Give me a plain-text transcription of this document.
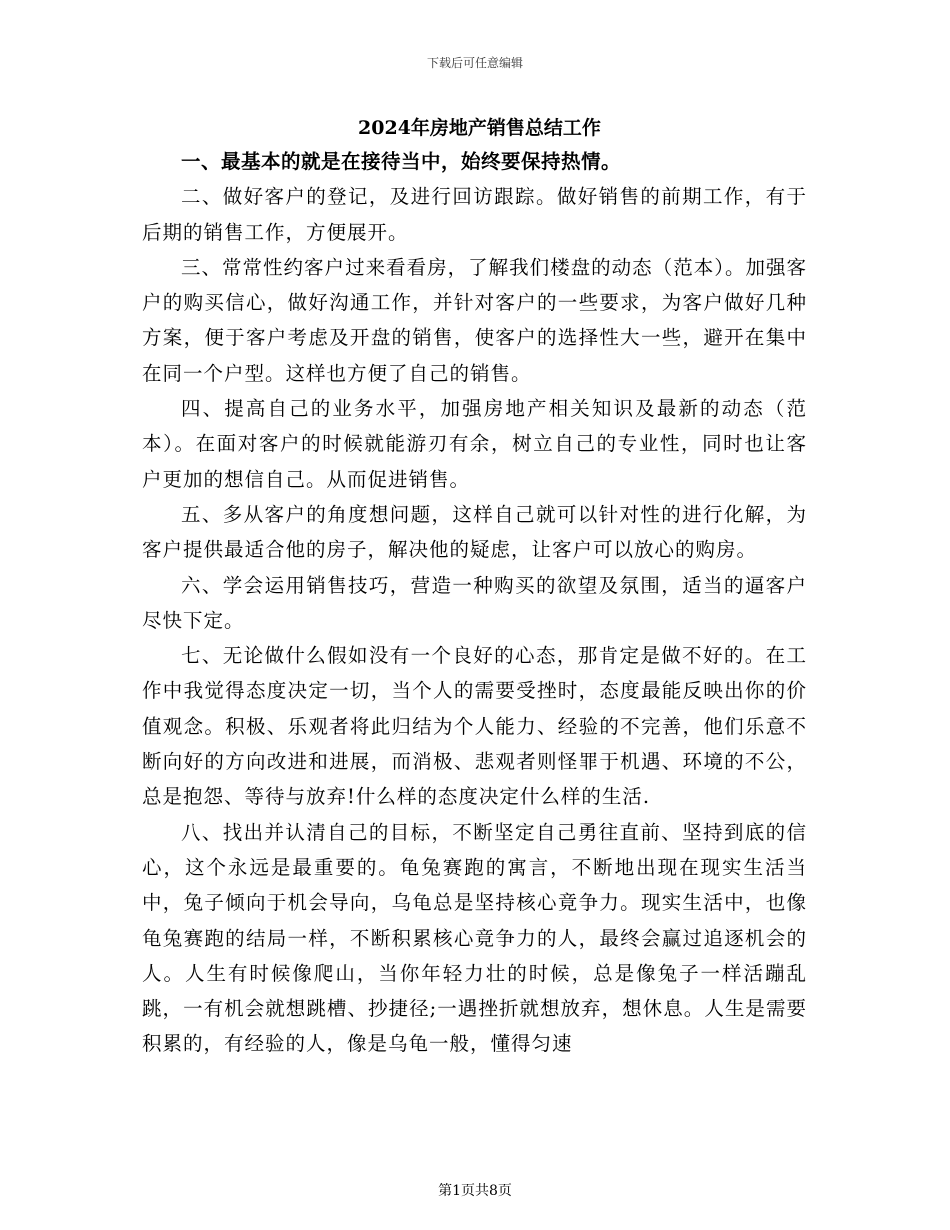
下载后可任意编辑
2024年房地产销售总结工作

一、最基本的就是在接待当中，始终要保持热情。

二、做好客户的登记，及进行回访跟踪。做好销售的前期工作，有于后期的销售工作，方便展开。

三、常常性约客户过来看看房，了解我们楼盘的动态（范本）。加强客户的购买信心，做好沟通工作，并针对客户的一些要求，为客户做好几种方案，便于客户考虑及开盘的销售，使客户的选择性大一些，避开在集中在同一个户型。这样也方便了自己的销售。

四、提高自己的业务水平，加强房地产相关知识及最新的动态（范本）。在面对客户的时候就能游刃有余，树立自己的专业性，同时也让客户更加的想信自己。从而促进销售。

五、多从客户的角度想问题，这样自己就可以针对性的进行化解，为客户提供最适合他的房子，解决他的疑虑，让客户可以放心的购房。

六、学会运用销售技巧，营造一种购买的欲望及氛围，适当的逼客户尽快下定。

七、无论做什么假如没有一个良好的心态，那肯定是做不好的。在工作中我觉得态度决定一切，当个人的需要受挫时，态度最能反映出你的价值观念。积极、乐观者将此归结为个人能力、经验的不完善，他们乐意不断向好的方向改进和进展，而消极、悲观者则怪罪于机遇、环境的不公，总是抱怨、等待与放弃!什么样的态度决定什么样的生活.

八、找出并认清自己的目标，不断坚定自己勇往直前、坚持到底的信心，这个永远是最重要的。龟兔赛跑的寓言，不断地出现在现实生活当中，兔子倾向于机会导向，乌龟总是坚持核心竟争力。现实生活中，也像龟兔赛跑的结局一样，不断积累核心竟争力的人，最终会赢过追逐机会的人。人生有时候像爬山，当你年轻力壮的时候，总是像兔子一样活蹦乱跳，一有机会就想跳槽、抄捷径;一遇挫折就想放弃，想休息。人生是需要积累的，有经验的人，像是乌龟一般，懂得匀速

第1页共8页
